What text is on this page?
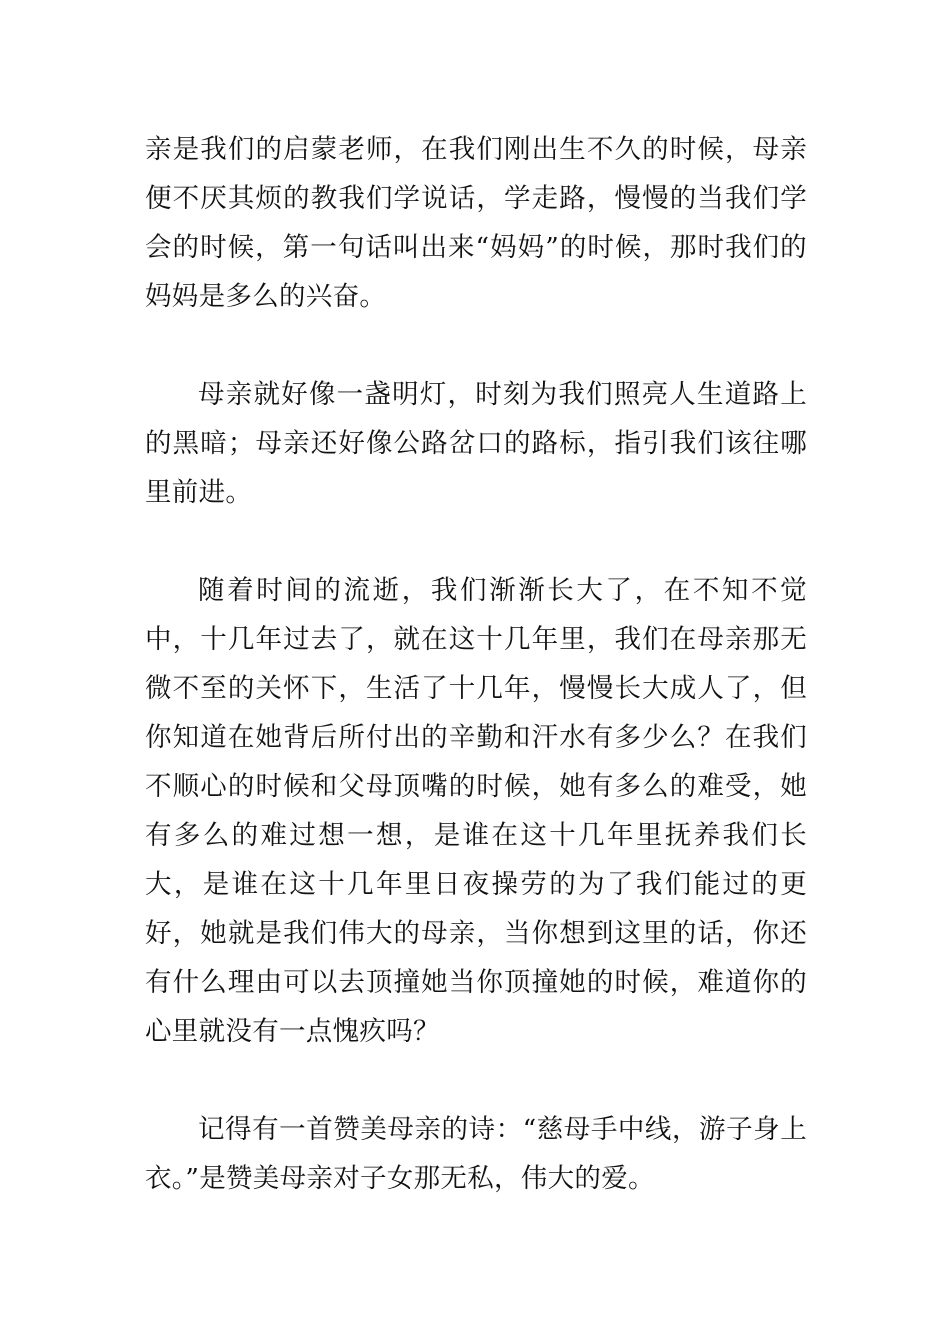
亲是我们的启蒙老师，在我们刚出生不久的时候，母亲便不厌其烦的教我们学说话，学走路，慢慢的当我们学会的时候，第一句话叫出来“妈妈”的时候，那时我们的妈妈是多么的兴奋。

母亲就好像一盏明灯，时刻为我们照亮人生道路上的黑暗；母亲还好像公路岔口的路标，指引我们该往哪里前进。

随着时间的流逝，我们渐渐长大了，在不知不觉中，十几年过去了，就在这十几年里，我们在母亲那无微不至的关怀下，生活了十几年，慢慢长大成人了，但你知道在她背后所付出的辛勤和汗水有多少么？在我们不顺心的时候和父母顶嘴的时候，她有多么的难受，她有多么的难过想一想，是谁在这十几年里抚养我们长大，是谁在这十几年里日夜操劳的为了我们能过的更好，她就是我们伟大的母亲，当你想到这里的话，你还有什么理由可以去顶撞她当你顶撞她的时候，难道你的心里就没有一点愧疚吗？

记得有一首赞美母亲的诗：“慈母手中线，游子身上衣。”是赞美母亲对子女那无私，伟大的爱。
